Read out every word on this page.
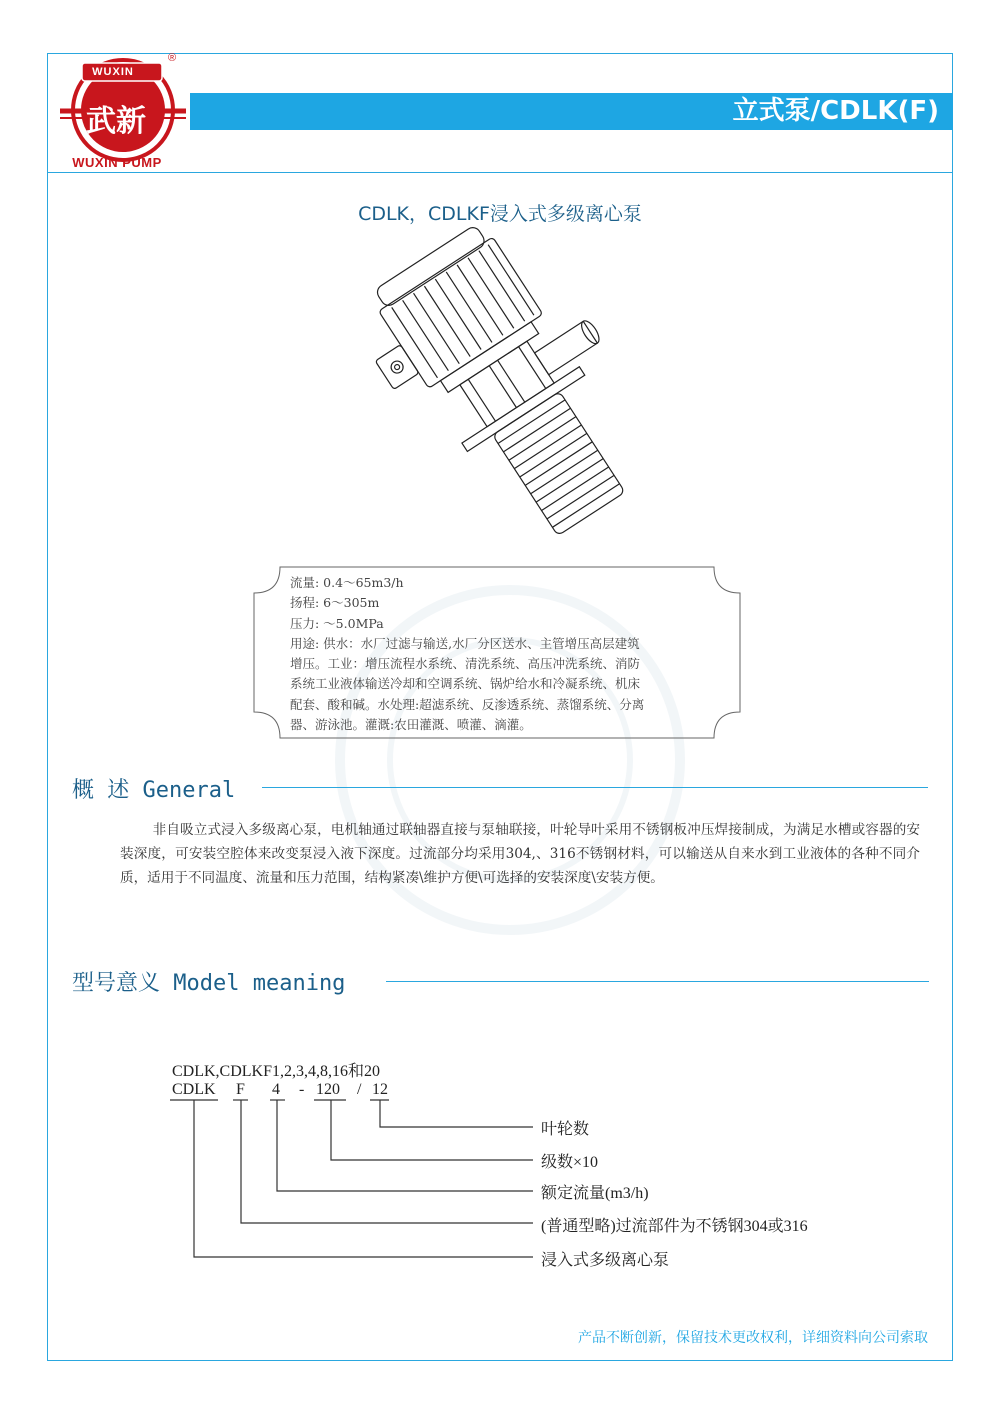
®
WUXIN
武新
WUXIN PUMP
立式泵/CDLK(F)
CDLK，CDLKF浸入式多级离心泵
流量: 0.4～65m3/h
扬程: 6～305m
压力: ～5.0MPa
用途: 供水：水厂过滤与输送,水厂分区送水、主管增压高层建筑
增压。工业：增压流程水系统、清洗系统、高压冲洗系统、消防
系统工业液体输送冷却和空调系统、锅炉给水和冷凝系统、机床
配套、酸和碱。水处理:超滤系统、反渗透系统、蒸馏系统、分离
器、游泳池。灌溉:农田灌溉、喷灌、滴灌。
概 述 General

非自吸立式浸入多级离心泵，电机轴通过联轴器直接与泵轴联接，叶轮导叶采用不锈钢板冲压焊接制成，为满足水槽或容器的安装深度，可安装空腔体来改变泵浸入液下深度。过流部分均采用304,、316不锈钢材料，可以输送从自来水到工业液体的各种不同介质，适用于不同温度、流量和压力范围，结构紧凑\维护方便\可选择的安装深度\安装方便。

型号意义 Model meaning
CDLK,CDLKF1,2,3,4,8,16和20
CDLK F 4 - 120 / 12
叶轮数
级数×10
额定流量(m3/h)
(普通型略)过流部件为不锈钢304或316
浸入式多级离心泵
产品不断创新，保留技术更改权利，详细资料向公司索取
